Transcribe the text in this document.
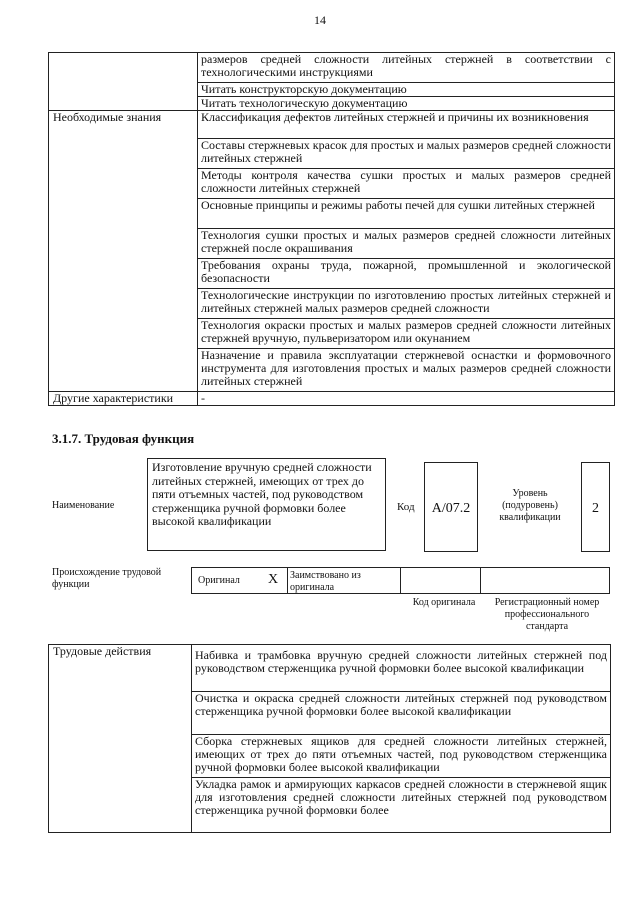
14
	размеров средней сложности литейных стержней в соответствии с технологическими инструкциями
	Читать конструкторскую документацию
	Читать технологическую документацию
Необходимые знания	Классификация дефектов литейных стержней и причины их возникновения
	Составы стержневых красок для простых и малых размеров средней сложности литейных стержней
	Методы контроля качества сушки простых и малых размеров средней сложности литейных стержней
	Основные принципы и режимы работы печей для сушки литейных стержней
	Технология сушки простых и малых размеров средней сложности литейных стержней после окрашивания
	Требования охраны труда, пожарной, промышленной и экологической безопасности
	Технологические инструкции по изготовлению простых литейных стержней и литейных стержней малых размеров средней сложности
	Технология окраски простых и малых размеров средней сложности литейных стержней вручную, пульверизатором или окунанием
	Назначение и правила эксплуатации стержневой оснастки и формовочного инструмента для изготовления простых и малых размеров средней сложности литейных стержней
Другие характеристики	-
3.1.7. Трудовая функция
Наименование
Изготовление вручную средней сложности литейных стержней, имеющих от трех до пяти отъемных частей, под руководством стерженщика ручной формовки более высокой квалификации
Код	А/07.2
Уровень (подуровень) квалификации
2
Происхождение трудовой функции	Оригинал X Заимствовано из оригинала
Код оригинала	Регистрационный номер профессионального стандарта
Трудовые действия	Набивка и трамбовка вручную средней сложности литейных стержней под руководством стерженщика ручной формовки более высокой квалификации
Очистка и окраска средней сложности литейных стержней под руководством стерженщика ручной формовки более высокой квалификации
Сборка стержневых ящиков для средней сложности литейных стержней, имеющих от трех до пяти отъемных частей, под руководством стерженщика ручной формовки более высокой квалификации
Укладка рамок и армирующих каркасов средней сложности в стержневой ящик для изготовления средней сложности литейных стержней под руководством стерженщика ручной формовки более
